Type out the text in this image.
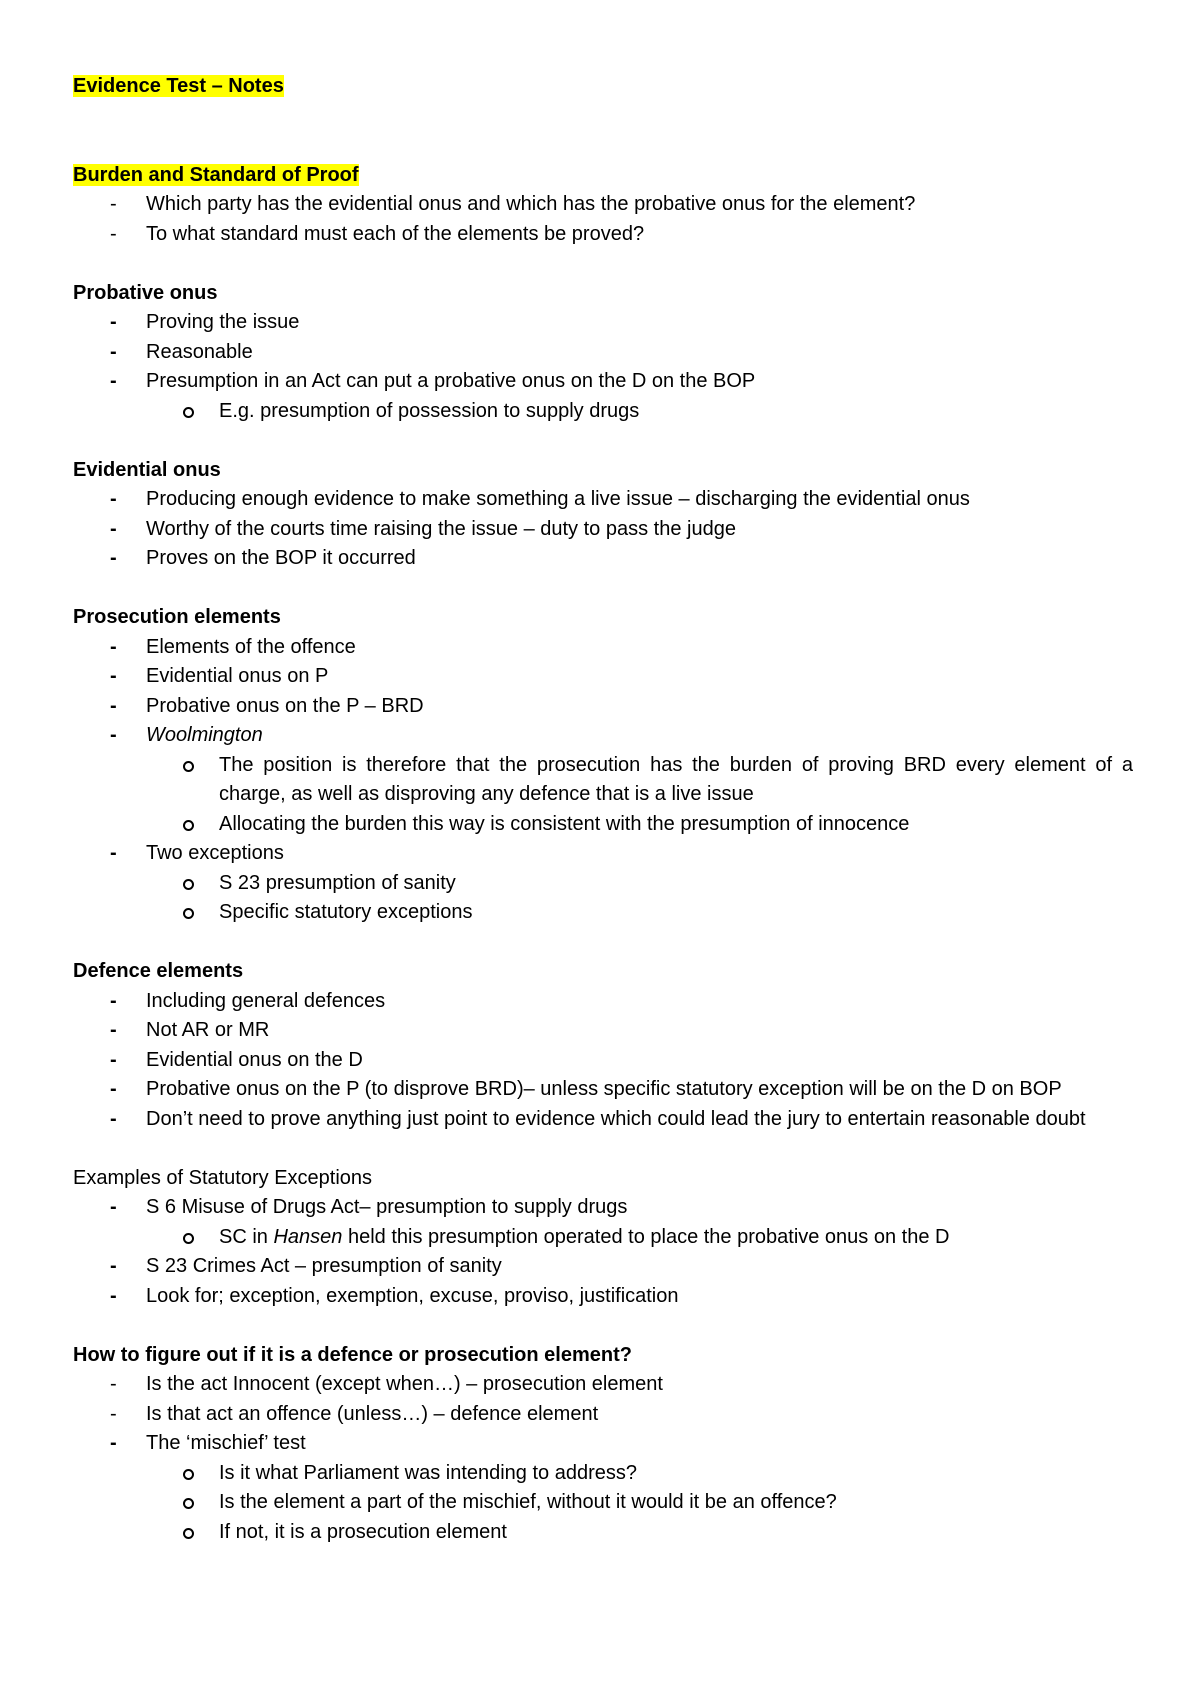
Evidence Test – Notes
Burden and Standard of Proof
- Which party has the evidential onus and which has the probative onus for the element?
- To what standard must each of the elements be proved?
Probative onus
- Proving the issue
- Reasonable
- Presumption in an Act can put a probative onus on the D on the BOP
E.g. presumption of possession to supply drugs
Evidential onus
- Producing enough evidence to make something a live issue – discharging the evidential onus
- Worthy of the courts time raising the issue – duty to pass the judge
- Proves on the BOP it occurred
Prosecution elements
- Elements of the offence
- Evidential onus on P
- Probative onus on the P – BRD
- Woolmington
The position is therefore that the prosecution has the burden of proving BRD every element of a charge, as well as disproving any defence that is a live issue
Allocating the burden this way is consistent with the presumption of innocence
- Two exceptions
S 23 presumption of sanity
Specific statutory exceptions
Defence elements
- Including general defences
- Not AR or MR
- Evidential onus on the D
- Probative onus on the P (to disprove BRD)– unless specific statutory exception will be on the D on BOP
- Don’t need to prove anything just point to evidence which could lead the jury to entertain reasonable doubt
Examples of Statutory Exceptions
- S 6 Misuse of Drugs Act– presumption to supply drugs
SC in Hansen held this presumption operated to place the probative onus on the D
- S 23 Crimes Act – presumption of sanity
- Look for; exception, exemption, excuse, proviso, justification
How to figure out if it is a defence or prosecution element?
- Is the act Innocent (except when…) – prosecution element
- Is that act an offence (unless…) – defence element
- The ‘mischief’ test
Is it what Parliament was intending to address?
Is the element a part of the mischief, without it would it be an offence?
If not, it is a prosecution element
